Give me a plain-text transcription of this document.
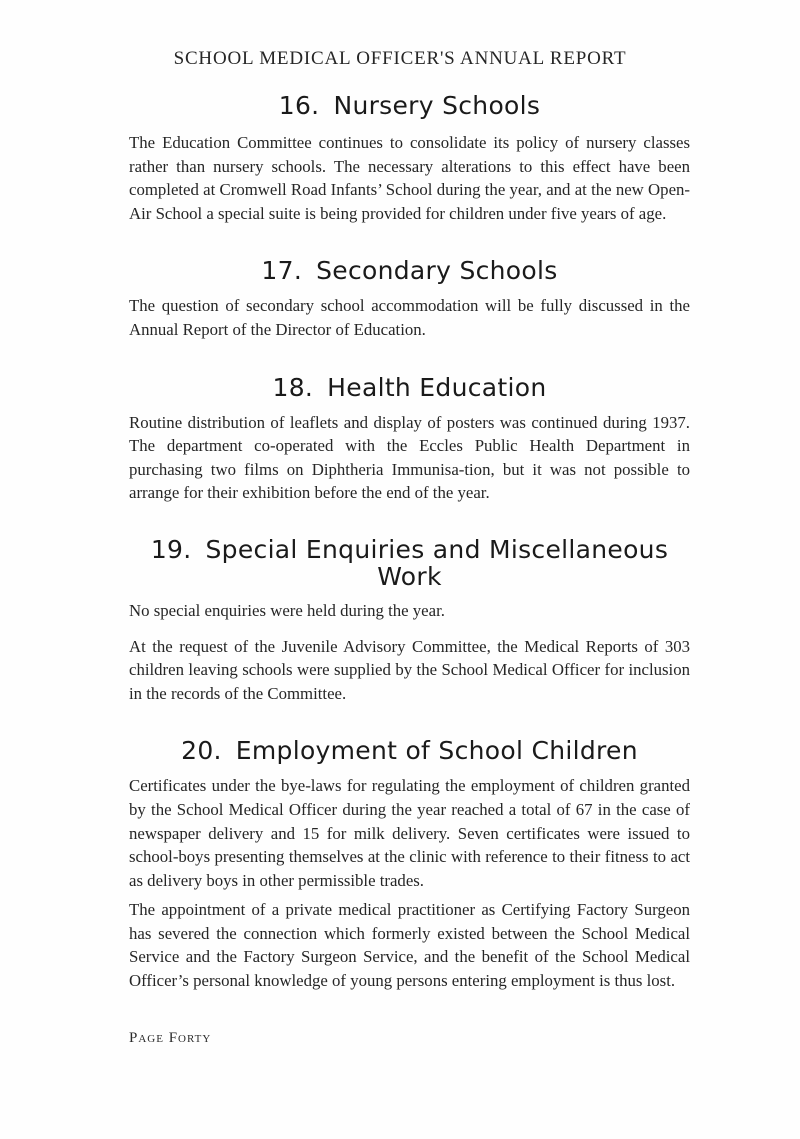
SCHOOL MEDICAL OFFICER'S ANNUAL REPORT
16. Nursery Schools

The Education Committee continues to consolidate its policy of nursery classes rather than nursery schools. The necessary alterations to this effect have been completed at Cromwell Road Infants’ School during the year, and at the new Open-Air School a special suite is being provided for children under five years of age.

17. Secondary Schools

The question of secondary school accommodation will be fully discussed in the Annual Report of the Director of Education.

18. Health Education

Routine distribution of leaflets and display of posters was continued during 1937. The department co-operated with the Eccles Public Health Department in purchasing two films on Diphtheria Immunisa-tion, but it was not possible to arrange for their exhibition before the end of the year.

19. Special Enquiries and Miscellaneous Work

No special enquiries were held during the year.

At the request of the Juvenile Advisory Committee, the Medical Reports of 303 children leaving schools were supplied by the School Medical Officer for inclusion in the records of the Committee.

20. Employment of School Children

Certificates under the bye-laws for regulating the employment of children granted by the School Medical Officer during the year reached a total of 67 in the case of newspaper delivery and 15 for milk delivery. Seven certificates were issued to school-boys presenting themselves at the clinic with reference to their fitness to act as delivery boys in other permissible trades.

The appointment of a private medical practitioner as Certifying Factory Surgeon has severed the connection which formerly existed between the School Medical Service and the Factory Surgeon Service, and the benefit of the School Medical Officer’s personal knowledge of young persons entering employment is thus lost.

Page Forty
